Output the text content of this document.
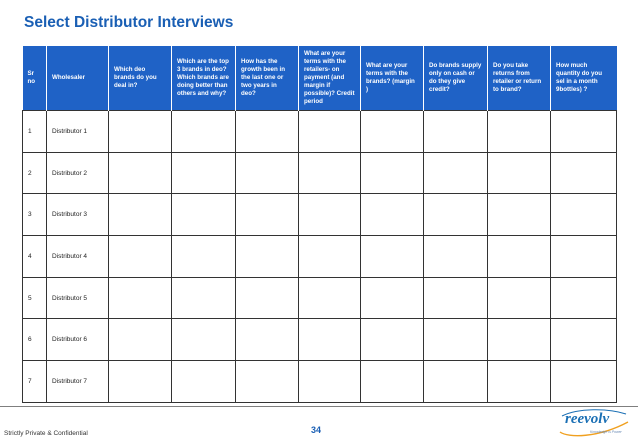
Select Distributor Interviews
Sr no	Wholesaler	Which deo brands do you deal in?	Which are the top 3 brands in deo? Which brands are doing better than others and why?	How has the growth been in the last one or two years in deo?	What are your terms with the retailers- on payment (and margin if possible)? Credit period	What are your terms with the brands? (margin )	Do brands supply only on cash or do they give credit?	Do you take returns from retailer or return to brand?	How much quantity do you sel in a month 9bottles) ?
1	Distributor 1								
2	Distributor 2								
3	Distributor 3								
4	Distributor 4								
5	Distributor 5								
6	Distributor 6								
7	Distributor 7								
Strictly Private & Confidential	34
reevolv
Knowledge is Power
